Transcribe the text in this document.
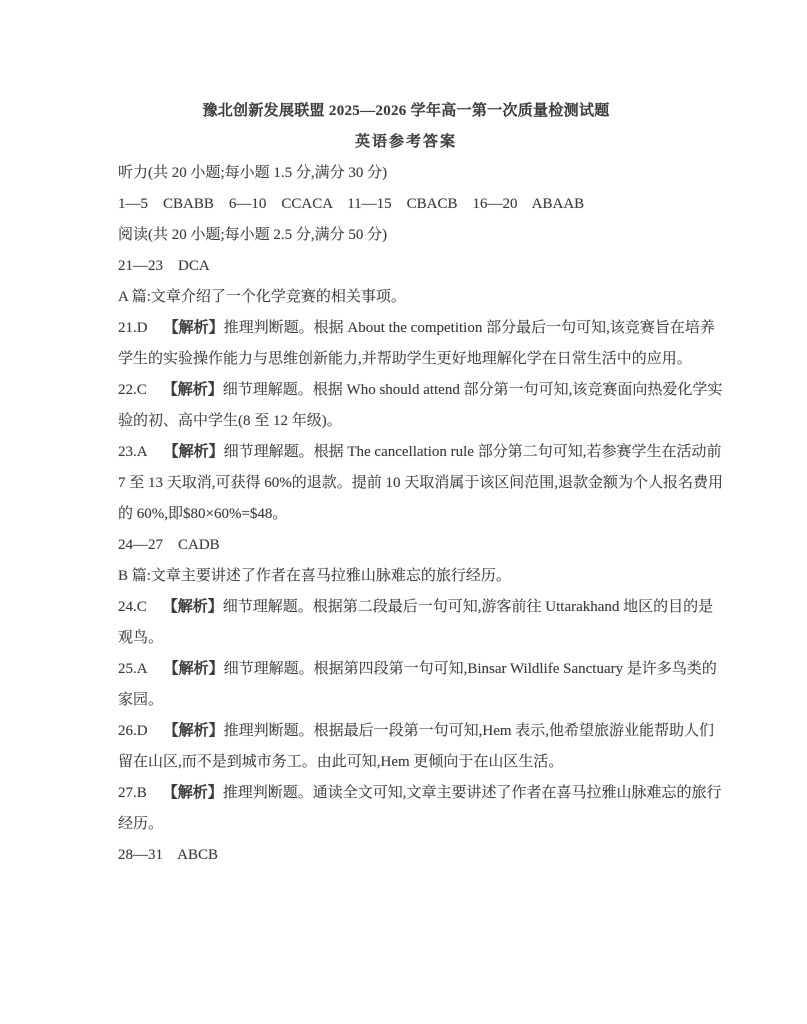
豫北创新发展联盟 2025—2026 学年高一第一次质量检测试题
英语参考答案
听力(共 20 小题;每小题 1.5 分,满分 30 分)
1—5    CBABB    6—10    CCACA    11—15    CBACB    16—20    ABAAB
阅读(共 20 小题;每小题 2.5 分,满分 50 分)
21—23    DCA
A 篇:文章介绍了一个化学竞赛的相关事项。
21.D 【解析】推理判断题。根据 About the competition 部分最后一句可知,该竞赛旨在培养
学生的实验操作能力与思维创新能力,并帮助学生更好地理解化学在日常生活中的应用。
22.C 【解析】细节理解题。根据 Who should attend 部分第一句可知,该竞赛面向热爱化学实
验的初、高中学生(8 至 12 年级)。
23.A 【解析】细节理解题。根据 The cancellation rule 部分第二句可知,若参赛学生在活动前
7 至 13 天取消,可获得 60%的退款。提前 10 天取消属于该区间范围,退款金额为个人报名费用
的 60%,即$80×60%=$48。
24—27    CADB
B 篇:文章主要讲述了作者在喜马拉雅山脉难忘的旅行经历。
24.C 【解析】细节理解题。根据第二段最后一句可知,游客前往 Uttarakhand 地区的目的是
观鸟。
25.A 【解析】细节理解题。根据第四段第一句可知,Binsar Wildlife Sanctuary 是许多鸟类的
家园。
26.D 【解析】推理判断题。根据最后一段第一句可知,Hem 表示,他希望旅游业能帮助人们
留在山区,而不是到城市务工。由此可知,Hem 更倾向于在山区生活。
27.B 【解析】推理判断题。通读全文可知,文章主要讲述了作者在喜马拉雅山脉难忘的旅行
经历。
28—31    ABCB
